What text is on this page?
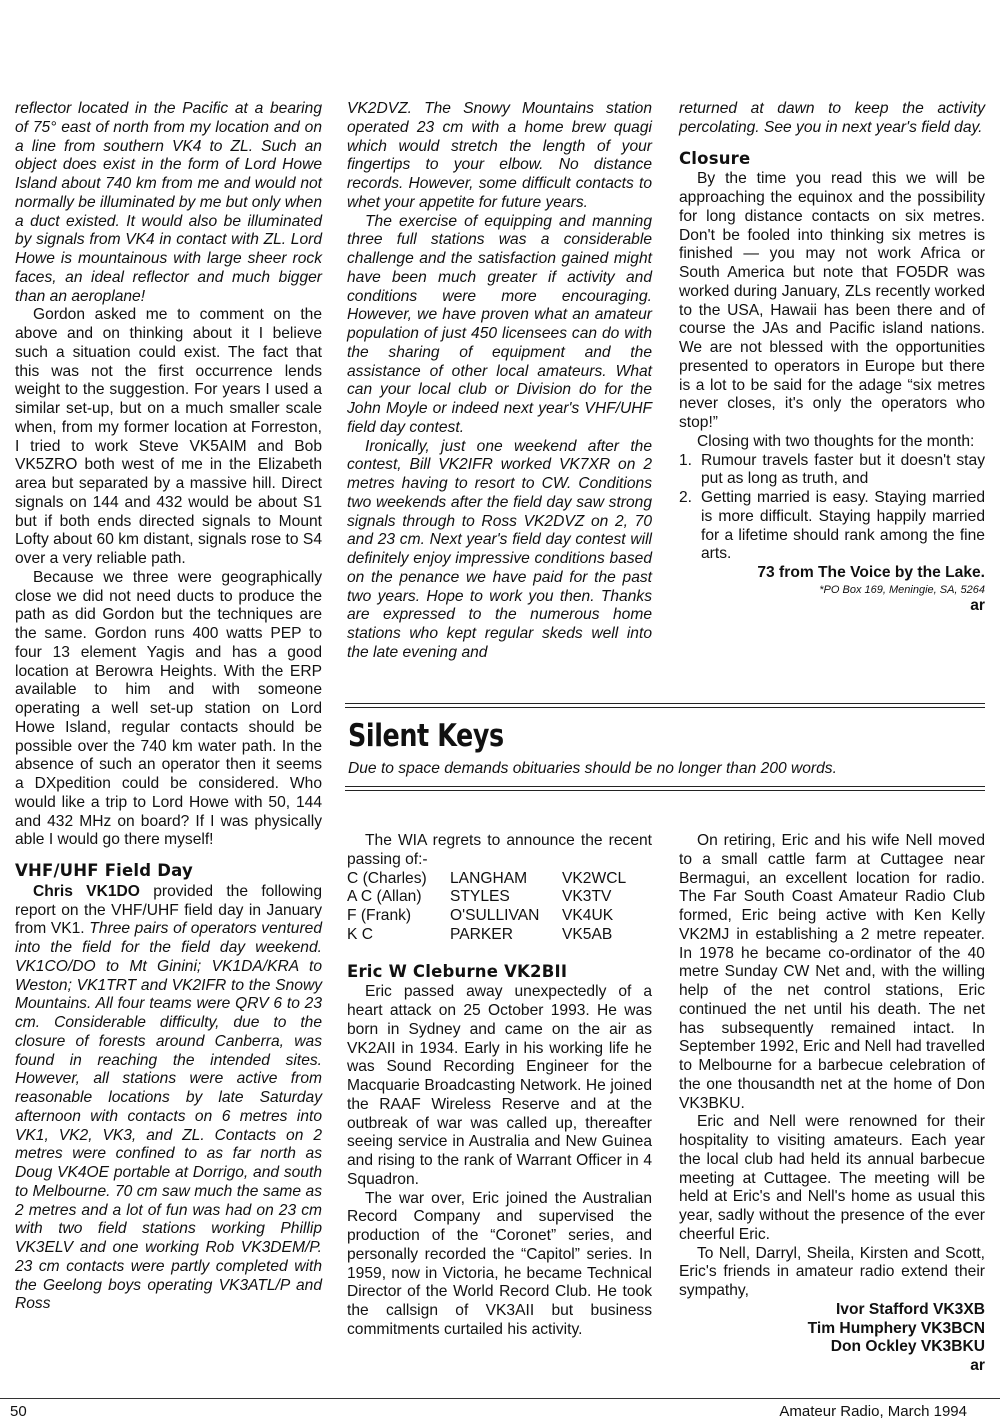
reflector located in the Pacific at a bearing of 75° east of north from my location and on a line from southern VK4 to ZL. Such an object does exist in the form of Lord Howe Island about 740 km from me and would not normally be illuminated by me but only when a duct existed. It would also be illuminated by signals from VK4 in contact with ZL. Lord Howe is mountainous with large sheer rock faces, an ideal reflector and much bigger than an aeroplane!

Gordon asked me to comment on the above and on thinking about it I believe such a situation could exist. The fact that this was not the first occurrence lends weight to the suggestion. For years I used a similar set-up, but on a much smaller scale when, from my former location at Forreston, I tried to work Steve VK5AIM and Bob VK5ZRO both west of me in the Elizabeth area but separated by a massive hill. Direct signals on 144 and 432 would be about S1 but if both ends directed signals to Mount Lofty about 60 km distant, signals rose to S4 over a very reliable path.

Because we three were geographically close we did not need ducts to produce the path as did Gordon but the techniques are the same. Gordon runs 400 watts PEP to four 13 element Yagis and has a good location at Berowra Heights. With the ERP available to him and with someone operating a well set-up station on Lord Howe Island, regular contacts should be possible over the 740 km water path. In the absence of such an operator then it seems a DXpedition could be considered. Who would like a trip to Lord Howe with 50, 144 and 432 MHz on board? If I was physically able I would go there myself!

VHF/UHF Field Day

Chris VK1DO provided the following report on the VHF/UHF field day in January from VK1. Three pairs of operators ventured into the field for the field day weekend. VK1CO/DO to Mt Ginini; VK1DA/KRA to Weston; VK1TRT and VK2IFR to the Snowy Mountains. All four teams were QRV 6 to 23 cm. Considerable difficulty, due to the closure of forests around Canberra, was found in reaching the intended sites. However, all stations were active from reasonable locations by late Saturday afternoon with contacts on 6 metres into VK1, VK2, VK3, and ZL. Contacts on 2 metres were confined to as far north as Doug VK4OE portable at Dorrigo, and south to Melbourne. 70 cm saw much the same as 2 metres and a lot of fun was had on 23 cm with two field stations working Phillip VK3ELV and one working Rob VK3DEM/P. 23 cm contacts were partly completed with the Geelong boys operating VK3ATL/P and Ross

VK2DVZ. The Snowy Mountains station operated 23 cm with a home brew quagi which would stretch the length of your fingertips to your elbow. No distance records. However, some difficult contacts to whet your appetite for future years.

The exercise of equipping and manning three full stations was a considerable challenge and the satisfaction gained might have been much greater if activity and conditions were more encouraging. However, we have proven what an amateur population of just 450 licensees can do with the sharing of equipment and the assistance of other local amateurs. What can your local club or Division do for the John Moyle or indeed next year's VHF/UHF field day contest.

Ironically, just one weekend after the contest, Bill VK2IFR worked VK7XR on 2 metres having to resort to CW. Conditions two weekends after the field day saw strong signals through to Ross VK2DVZ on 2, 70 and 23 cm. Next year's field day contest will definitely enjoy impressive conditions based on the penance we have paid for the past two years. Hope to work you then. Thanks are expressed to the numerous home stations who kept regular skeds well into the late evening and

returned at dawn to keep the activity percolating. See you in next year's field day.

Closure

By the time you read this we will be approaching the equinox and the possibility for long distance contacts on six metres. Don't be fooled into thinking six metres is finished — you may not work Africa or South America but note that FO5DR was worked during January, ZLs recently worked to the USA, Hawaii has been there and of course the JAs and Pacific island nations. We are not blessed with the opportunities presented to operators in Europe but there is a lot to be said for the adage “six metres never closes, it's only the operators who stop!”

Closing with two thoughts for the month:

1. Rumour travels faster but it doesn't stay put as long as truth, and
2. Getting married is easy. Staying married is more difficult. Staying happily married for a lifetime should rank among the fine arts.

73 from The Voice by the Lake.

*PO Box 169, Meningie, SA, 5264

ar

Silent Keys
Due to space demands obituaries should be no longer than 200 words.

The WIA regrets to announce the recent passing of:-

C (Charles)	LANGHAM	VK2WCL
A C (Allan)	STYLES	VK3TV
F (Frank)	O'SULLIVAN	VK4UK
K C	PARKER	VK5AB
Eric W Cleburne VK2BII

Eric passed away unexpectedly of a heart attack on 25 October 1993. He was born in Sydney and came on the air as VK2AII in 1934. Early in his working life he was Sound Recording Engineer for the Macquarie Broadcasting Network. He joined the RAAF Wireless Reserve and at the outbreak of war was called up, thereafter seeing service in Australia and New Guinea and rising to the rank of Warrant Officer in 4 Squadron.

The war over, Eric joined the Australian Record Company and supervised the production of the “Coronet” series, and personally recorded the “Capitol” series. In 1959, now in Victoria, he became Technical Director of the World Record Club. He took the callsign of VK3AII but business commitments curtailed his activity.

On retiring, Eric and his wife Nell moved to a small cattle farm at Cuttagee near Bermagui, an excellent location for radio. The Far South Coast Amateur Radio Club formed, Eric being active with Ken Kelly VK2MJ in establishing a 2 metre repeater. In 1978 he became co-ordinator of the 40 metre Sunday CW Net and, with the willing help of the net control stations, Eric continued the net until his death. The net has subsequently remained intact. In September 1992, Eric and Nell had travelled to Melbourne for a barbecue celebration of the one thousandth net at the home of Don VK3BKU.

Eric and Nell were renowned for their hospitality to visiting amateurs. Each year the local club had held its annual barbecue meeting at Cuttagee. The meeting will be held at Eric's and Nell's home as usual this year, sadly without the presence of the ever cheerful Eric.

To Nell, Darryl, Sheila, Kirsten and Scott, Eric's friends in amateur radio extend their sympathy,

Ivor Stafford VK3XB

Tim Humphery VK3BCN

Don Ockley VK3BKU

ar

50	Amateur Radio, March 1994
